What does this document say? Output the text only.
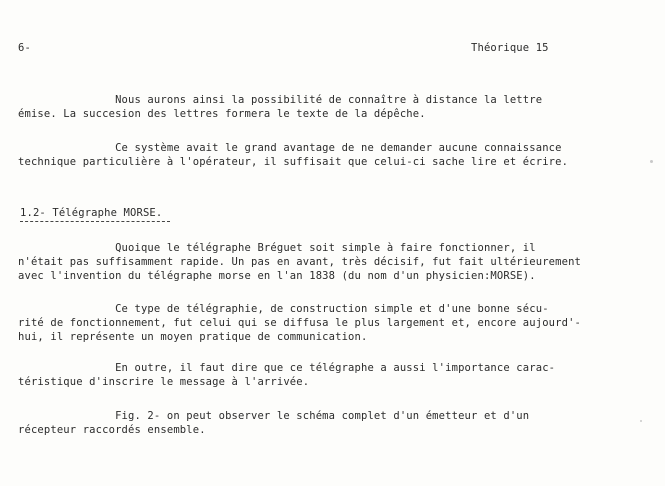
6-	Théorique 15
Nous aurons ainsi la possibilité de connaître à distance la lettre
émise. La succesion des lettres formera le texte de la dépêche.
Ce système avait le grand avantage de ne demander aucune connaissance
technique particulière à l'opérateur, il suffisait que celui-ci sache lire et écrire.
1.2- Télégraphe MORSE.
Quoique le télégraphe Bréguet soit simple à faire fonctionner, il
n'était pas suffisamment rapide. Un pas en avant, très décisif, fut fait ultérieurement
avec l'invention du télégraphe morse en l'an 1838 (du nom d'un physicien:MORSE).
Ce type de télégraphie, de construction simple et d'une bonne sécu-
rité de fonctionnement, fut celui qui se diffusa le plus largement et, encore aujourd'-
hui, il représente un moyen pratique de communication.
En outre, il faut dire que ce télégraphe a aussi l'importance carac-
téristique d'inscrire le message à l'arrivée.
Fig. 2- on peut observer le schéma complet d'un émetteur et d'un
récepteur raccordés ensemble.
